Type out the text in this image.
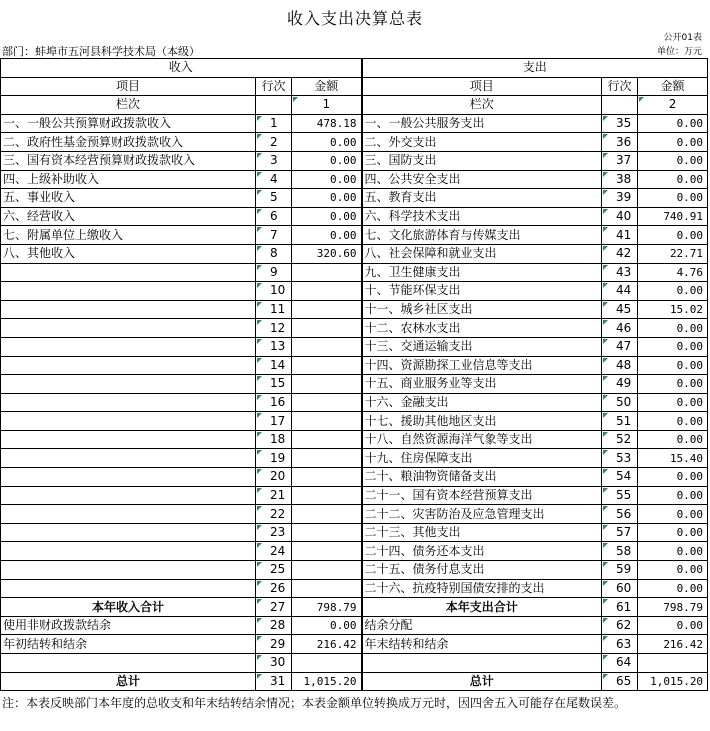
收入支出决算总表
公开01表
部门：蚌埠市五河县科学技术局（本级）	单位：万元
收入			支出		
项目	行次	金额	项目	行次	金额
栏次		1	栏次		2
一、一般公共预算财政拨款收入	1	478.18	一、一般公共服务支出	35	0.00
二、政府性基金预算财政拨款收入	2	0.00	二、外交支出	36	0.00
三、国有资本经营预算财政拨款收入	3	0.00	三、国防支出	37	0.00
四、上级补助收入	4	0.00	四、公共安全支出	38	0.00
五、事业收入	5	0.00	五、教育支出	39	0.00
六、经营收入	6	0.00	六、科学技术支出	40	740.91
七、附属单位上缴收入	7	0.00	七、文化旅游体育与传媒支出	41	0.00
八、其他收入	8	320.60	八、社会保障和就业支出	42	22.71
	9		九、卫生健康支出	43	4.76
	10		十、节能环保支出	44	0.00
	11		十一、城乡社区支出	45	15.02
	12		十二、农林水支出	46	0.00
	13		十三、交通运输支出	47	0.00
	14		十四、资源勘探工业信息等支出	48	0.00
	15		十五、商业服务业等支出	49	0.00
	16		十六、金融支出	50	0.00
	17		十七、援助其他地区支出	51	0.00
	18		十八、自然资源海洋气象等支出	52	0.00
	19		十九、住房保障支出	53	15.40
	20		二十、粮油物资储备支出	54	0.00
	21		二十一、国有资本经营预算支出	55	0.00
	22		二十二、灾害防治及应急管理支出	56	0.00
	23		二十三、其他支出	57	0.00
	24		二十四、债务还本支出	58	0.00
	25		二十五、债务付息支出	59	0.00
	26		二十六、抗疫特别国债安排的支出	60	0.00
本年收入合计	27	798.79	本年支出合计	61	798.79
使用非财政拨款结余	28	0.00	结余分配	62	0.00
年初结转和结余	29	216.42	年末结转和结余	63	216.42
	30			64	
总计	31	1,015.20	总计	65	1,015.20
注：本表反映部门本年度的总收支和年末结转结余情况；本表金额单位转换成万元时，因四舍五入可能存在尾数误差。
